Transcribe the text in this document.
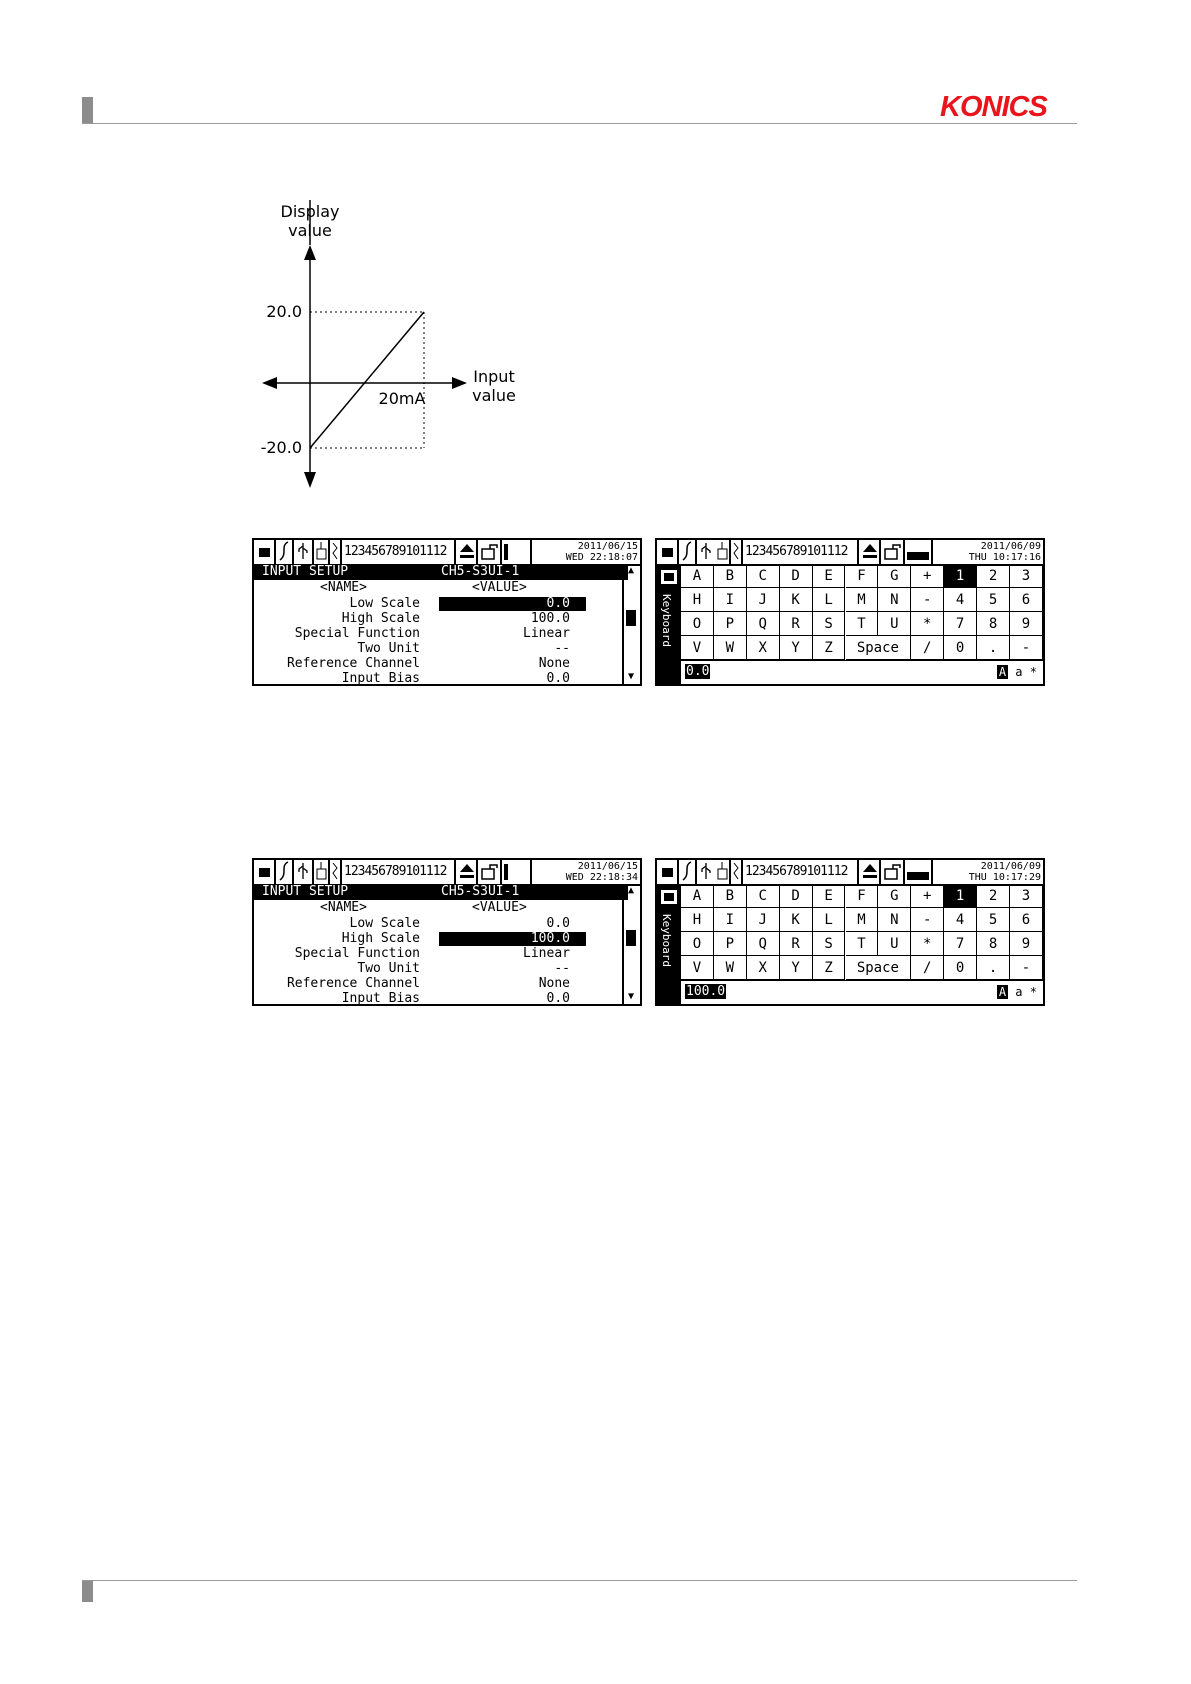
KONICS
Display
value
20.0
-20.0
20mA
Input
value
123456789101112	2011/06/15
WED 22:18:07
INPUT SETUP	CH5-S3UI-1
<NAME>	<VALUE>
Low Scale	0.0
High Scale	100.0
Special Function	Linear
Two Unit	--
Reference Channel	None
Input Bias	0.0
▲
▼
123456789101112	2011/06/09
THU 10:17:16
Keyboard
A	B	C	D	E	F	G	+	1	2	3
H	I	J	K	L	M	N	-	4	5	6
O	P	Q	R	S	T	U	*	7	8	9
V	W	X	Y	Z	Space	/	0	.	-
0.0	A a *
123456789101112	2011/06/15
WED 22:18:34
INPUT SETUP	CH5-S3UI-1
<NAME>	<VALUE>
Low Scale	0.0
High Scale	100.0
Special Function	Linear
Two Unit	--
Reference Channel	None
Input Bias	0.0
▲
▼
123456789101112	2011/06/09
THU 10:17:29
Keyboard
A	B	C	D	E	F	G	+	1	2	3
H	I	J	K	L	M	N	-	4	5	6
O	P	Q	R	S	T	U	*	7	8	9
V	W	X	Y	Z	Space	/	0	.	-
100.0	A a *
